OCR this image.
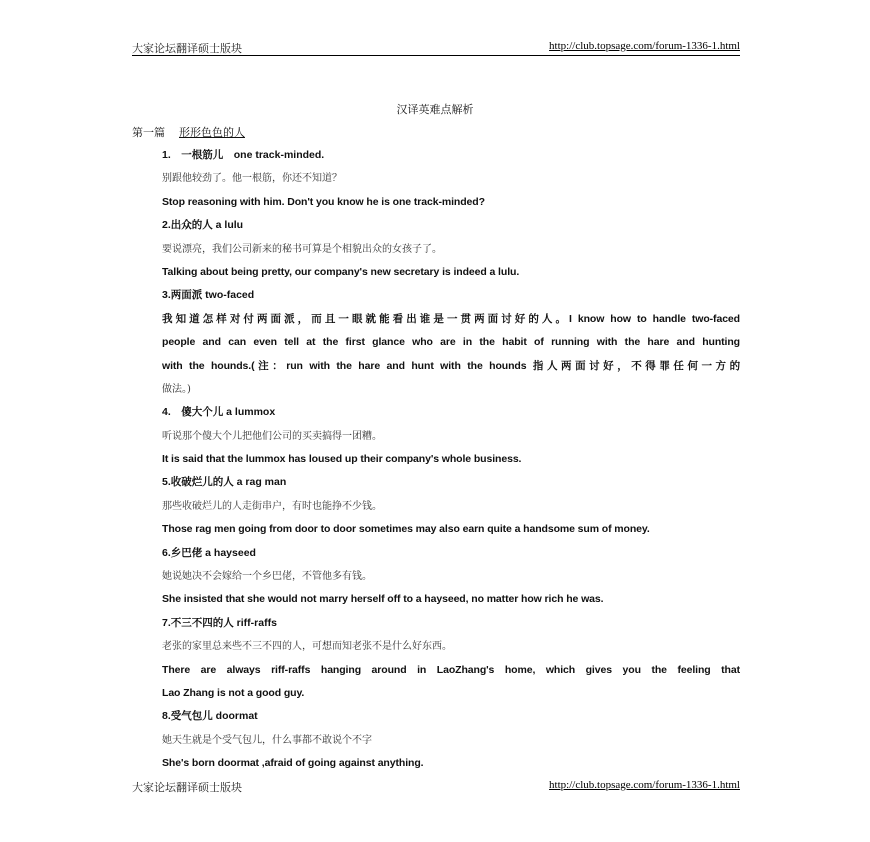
大家论坛翻译硕士版块	http://club.topsage.com/forum-1336-1.html
汉译英难点解析
第一篇 形形色色的人
1.　一根筋儿　one track-minded.
别跟他较劲了。他一根筋，你还不知道？
Stop reasoning with him. Don't you know he is one track-minded?
2.出众的人 a lulu
要说漂亮，我们公司新来的秘书可算是个相貌出众的女孩子了。
Talking about being pretty, our company's new secretary is indeed a lulu.
3.两面派 two-faced
我知道怎样对付两面派，而且一眼就能看出谁是一贯两面讨好的人。I know how to handle two-faced
people and can even tell at the first glance who are in the habit of running with the hare and hunting
with the hounds.(注：run with the hare and hunt with the hounds 指人两面讨好，不得罪任何一方的
做法。)
4.　傻大个儿 a lummox
听说那个傻大个儿把他们公司的买卖搞得一团糟。
It is said that the lummox has loused up their company's whole business.
5.收破烂儿的人 a rag man
那些收破烂儿的人走街串户，有时也能挣不少钱。
Those rag men going from door to door sometimes may also earn quite a handsome sum of money.
6.乡巴佬 a hayseed
她说她决不会嫁给一个乡巴佬，不管他多有钱。
She insisted that she would not marry herself off to a hayseed, no matter how rich he was.
7.不三不四的人 riff-raffs
老张的家里总来些不三不四的人，可想而知老张不是什么好东西。
There are always riff-raffs hanging around in LaoZhang's home, which gives you the feeling that
Lao Zhang is not a good guy.
8.受气包儿 doormat
她天生就是个受气包儿，什么事都不敢说个不字
She's born doormat ,afraid of going against anything.
大家论坛翻译硕士版块	http://club.topsage.com/forum-1336-1.html
